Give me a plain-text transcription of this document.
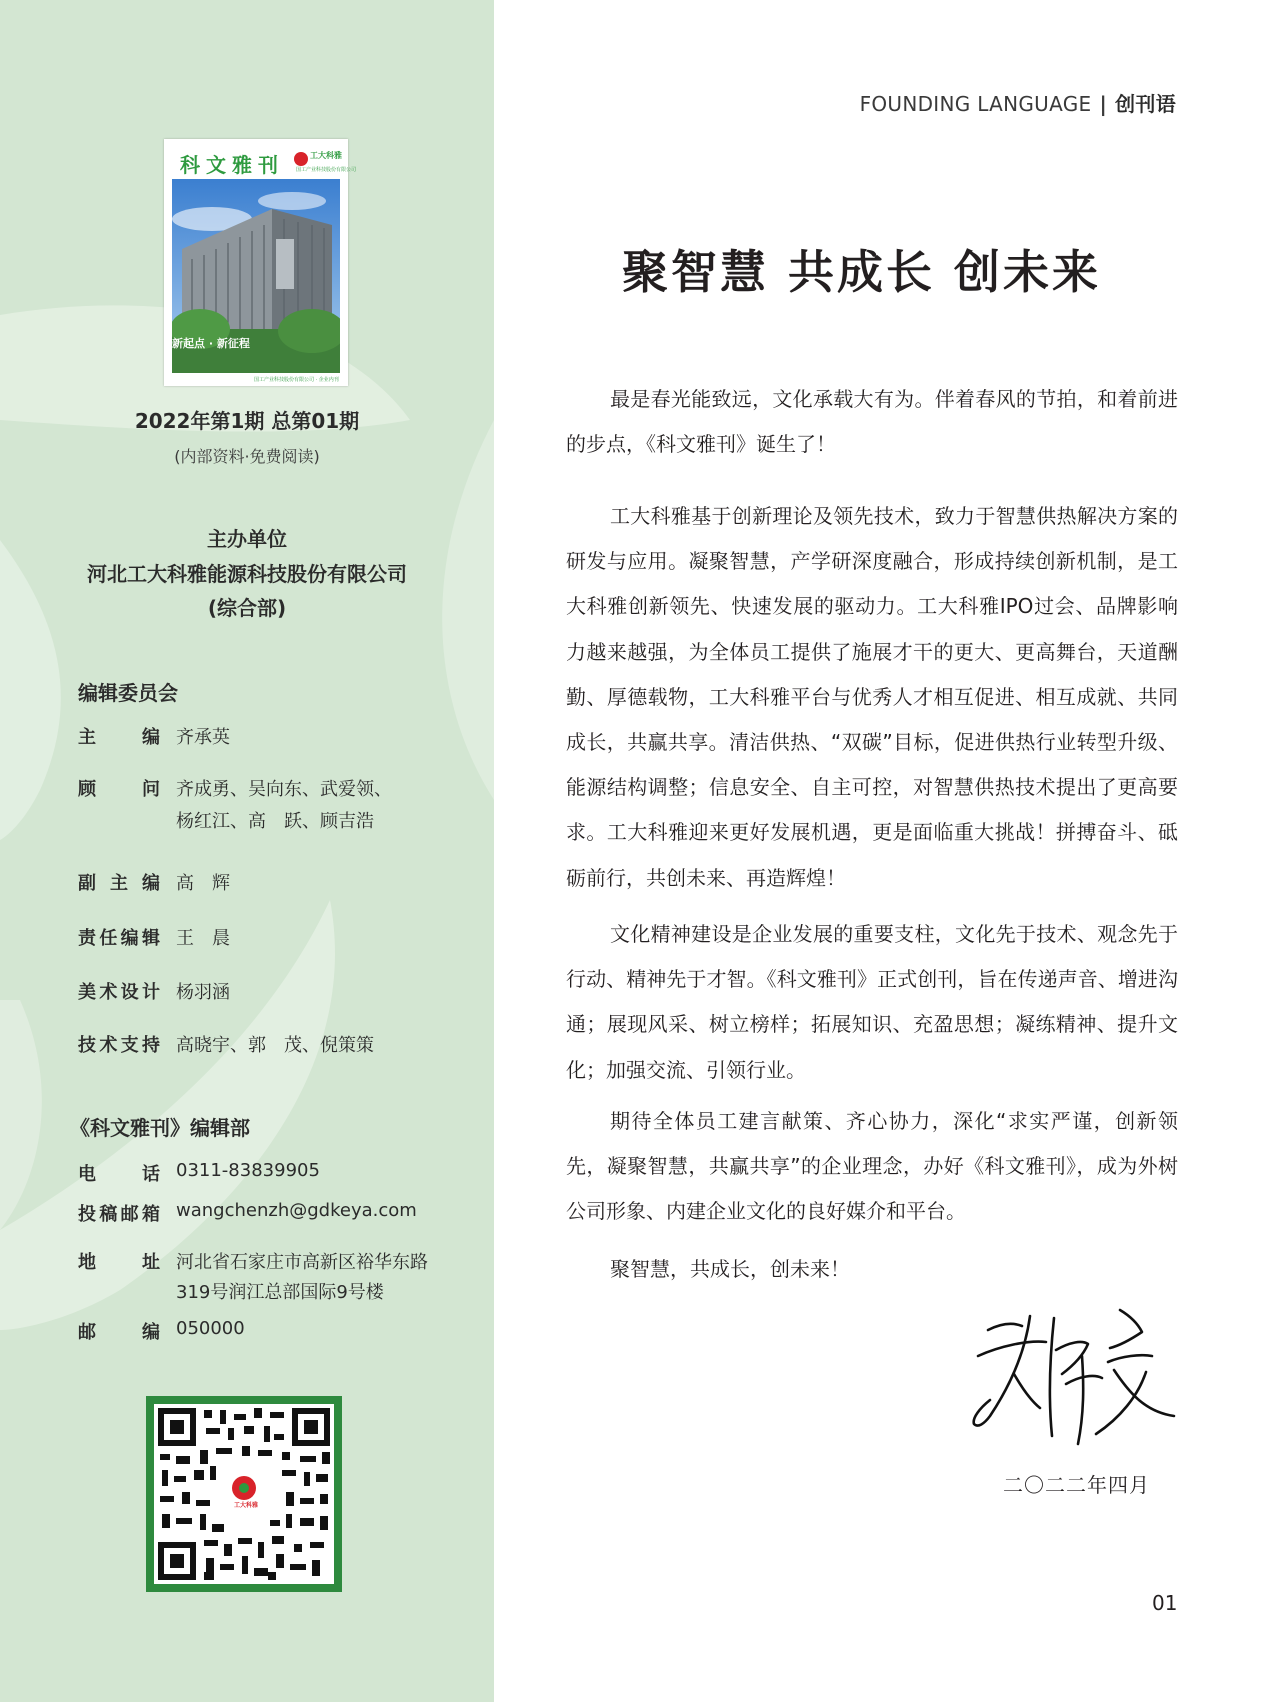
科文雅刊	工大科雅
国工产业科技股份有限公司
新起点 · 新征程
国工产业科技股份有限公司 · 企业内刊
2022年第1期 总第01期
(内部资料·免费阅读)
主办单位
河北工大科雅能源科技股份有限公司
(综合部)
编辑委员会
主编 齐承英
顾问 齐成勇、吴向东、武爱领、
杨红江、高　跃、顾吉浩
副主编 高　辉
责任编辑 王　晨
美术设计 杨羽涵
技术支持 高晓宇、郭　茂、倪策策
《科文雅刊》编辑部
电话 0311-83839905
投稿邮箱 wangchenzh@gdkeya.com
地址 河北省石家庄市高新区裕华东路
319号润江总部国际9号楼
邮编 050000
工大科雅
FOUNDING LANGUAGE | 创刊语
聚智慧 共成长 创未来
最是春光能致远，文化承载大有为。伴着春风的节拍，和着前进的步点，《科文雅刊》诞生了！
工大科雅基于创新理论及领先技术，致力于智慧供热解决方案的研发与应用。凝聚智慧，产学研深度融合，形成持续创新机制，是工大科雅创新领先、快速发展的驱动力。工大科雅IPO过会、品牌影响力越来越强，为全体员工提供了施展才干的更大、更高舞台，天道酬勤、厚德载物，工大科雅平台与优秀人才相互促进、相互成就、共同成长，共赢共享。清洁供热、“双碳”目标，促进供热行业转型升级、能源结构调整；信息安全、自主可控，对智慧供热技术提出了更高要求。工大科雅迎来更好发展机遇，更是面临重大挑战！拼搏奋斗、砥砺前行，共创未来、再造辉煌！
文化精神建设是企业发展的重要支柱，文化先于技术、观念先于行动、精神先于才智。《科文雅刊》正式创刊，旨在传递声音、增进沟通；展现风采、树立榜样；拓展知识、充盈思想；凝练精神、提升文化；加强交流、引领行业。
期待全体员工建言献策、齐心协力，深化“求实严谨，创新领先，凝聚智慧，共赢共享”的企业理念，办好《科文雅刊》，成为外树公司形象、内建企业文化的良好媒介和平台。
聚智慧，共成长，创未来！
二〇二二年四月
01
